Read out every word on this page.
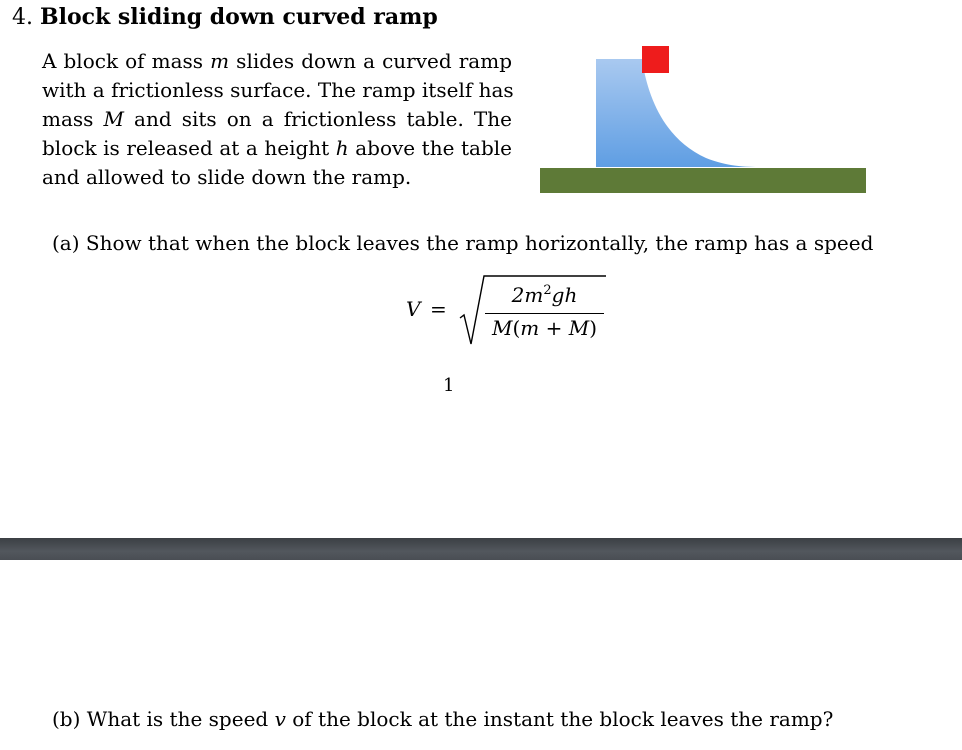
4. Block sliding down curved ramp
A block of mass m slides down a curved ramp
with a frictionless surface. The ramp itself has
mass M and sits on a frictionless table. The
block is released at a height h above the table
and allowed to slide down the ramp.
(a) Show that when the block leaves the ramp horizontally, the ramp has a speed
V =
$2m^2gh$
M(m + M)
1
(b) What is the speed v of the block at the instant the block leaves the ramp?
